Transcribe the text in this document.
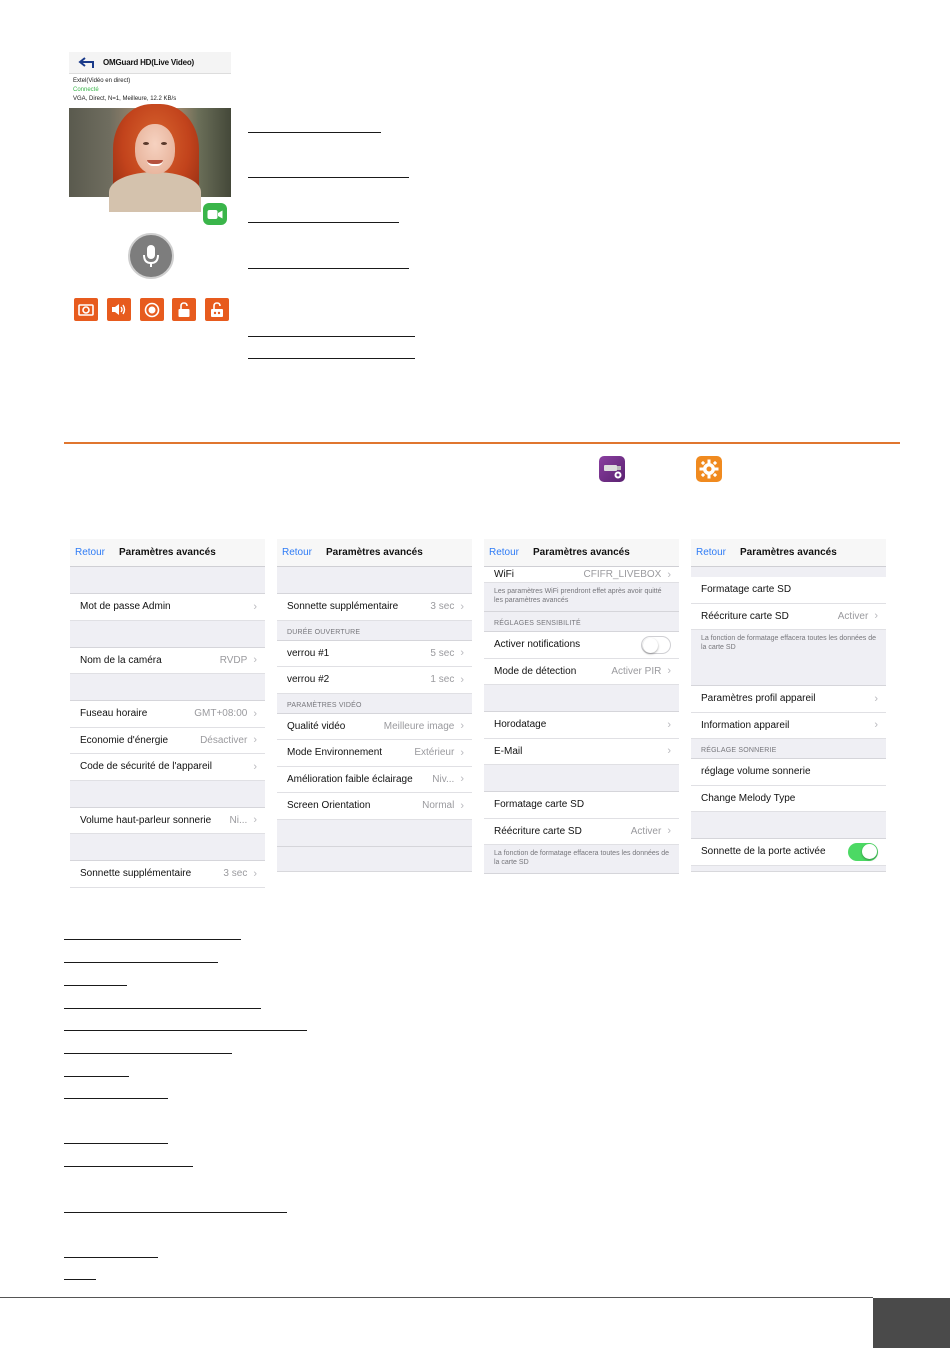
OMGuard HD(Live Video)
Extel(Vidéo en direct)
Connecté
VGA, Direct, N=1, Meilleure, 12.2 KB/s
Retour Paramètres avancés
Mot de passe Admin	›
Nom de la caméra	RVDP ›
Fuseau horaire	GMT+08:00 ›
Economie d'énergie	Désactiver ›
Code de sécurité de l'appareil	›
Volume haut-parleur sonnerie	Ni... ›
Sonnette supplémentaire	3 sec ›
Retour Paramètres avancés
Sonnette supplémentaire	3 sec ›
DURÉE OUVERTURE
verrou #1	5 sec ›
verrou #2	1 sec ›
PARAMÈTRES VIDÉO
Qualité vidéo	Meilleure image ›
Mode Environnement	Extérieur ›
Amélioration faible éclairage	Niv... ›
Screen Orientation	Normal ›
Retour Paramètres avancés
WiFi	CFIFR_LIVEBOX ›
Les paramètres WiFi prendront effet après avoir quitté les paramètres avancés
RÉGLAGES SENSIBILITÉ
Activer notifications
Mode de détection	Activer PIR ›
Horodatage	›
E-Mail	›
Formatage carte SD
Réécriture carte SD	Activer ›
La fonction de formatage effacera toutes les données de la carte SD
Retour Paramètres avancés
Formatage carte SD
Réécriture carte SD	Activer ›
La fonction de formatage effacera toutes les données de la carte SD
Paramètres profil appareil	›
Information appareil	›
RÉGLAGE SONNERIE
réglage volume sonnerie
Change Melody Type
Sonnette de la porte activée
